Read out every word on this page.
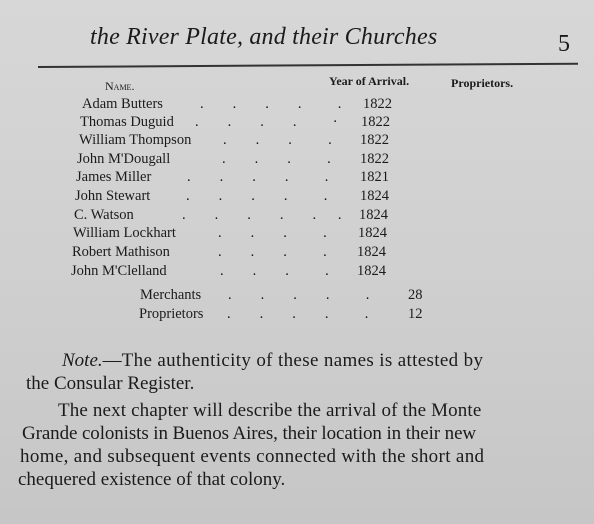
the River Plate, and their Churches	5
Name.	Year of Arrival.	Proprietors.
Adam Butters	.  .  .  .   . 1822
Thomas Duguid .  .  .  .   · 1822
William Thompson .  .  .   . 1822
John M'Dougall	.  .  .   . 1822
James Miller .  .  .  .   . 1821
John Stewart .  .  .  .   . 1824
C. Watson	.  .  .  .  .  . 1824
William Lockhart	.  .  .   . 1824
Robert Mathison	.  .  .   . 1824
John M'Clelland	.  .  .   . 1824
Merchants .  .  .  .   .	28
Proprietors .  .  .  .   .	12
Note.—The authenticity of these names is attested by
the Consular Register.
The next chapter will describe the arrival of the Monte
Grande colonists in Buenos Aires, their location in their new
home, and subsequent events connected with the short and
chequered existence of that colony.
